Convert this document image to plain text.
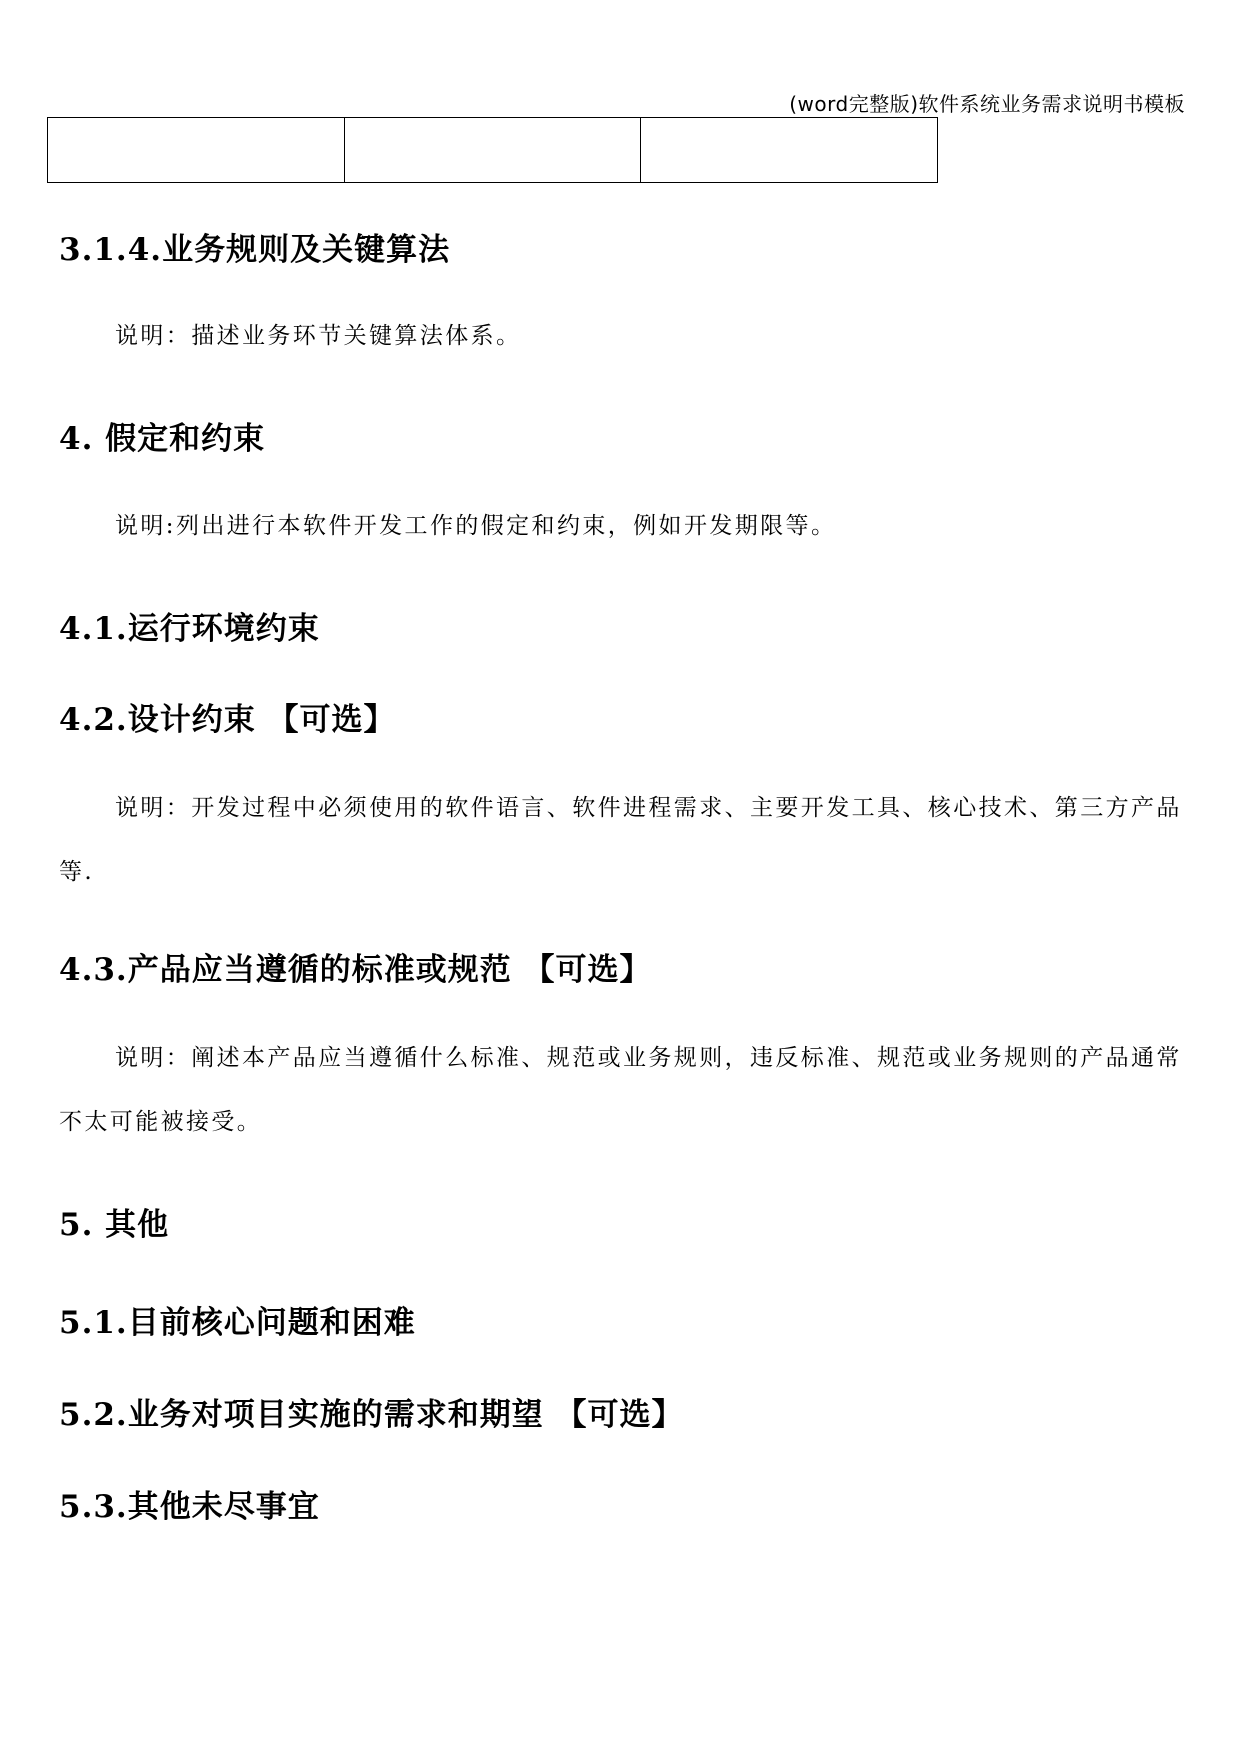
(word完整版)软件系统业务需求说明书模板

3.1.4.业务规则及关键算法

说明：描述业务环节关键算法体系。

4. 假定和约束

说明:列出进行本软件开发工作的假定和约束，例如开发期限等。

4.1.运行环境约束
4.2.设计约束 【可选】

说明：开发过程中必须使用的软件语言、软件进程需求、主要开发工具、核心技术、第三方产品等.

4.3.产品应当遵循的标准或规范 【可选】

说明：阐述本产品应当遵循什么标准、规范或业务规则，违反标准、规范或业务规则的产品通常不太可能被接受。

5. 其他
5.1.目前核心问题和困难
5.2.业务对项目实施的需求和期望 【可选】
5.3.其他未尽事宜
